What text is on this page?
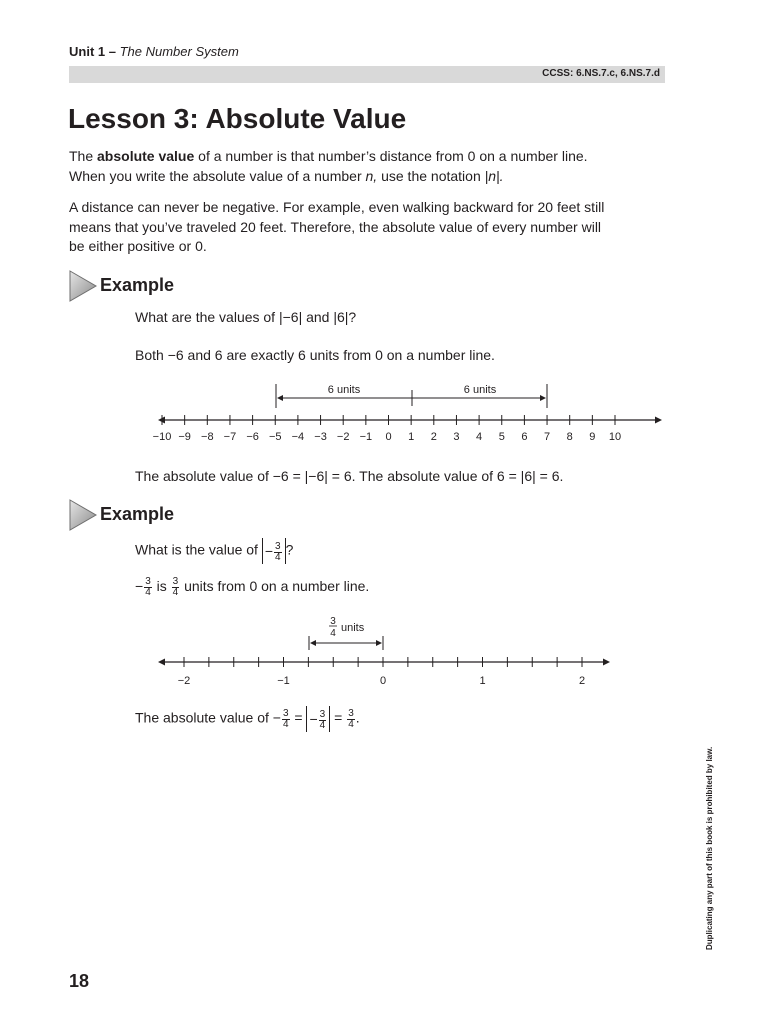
Unit 1 – The Number System
CCSS: 6.NS.7.c, 6.NS.7.d
Lesson 3: Absolute Value
The absolute value of a number is that number’s distance from 0 on a number line.
When you write the absolute value of a number n, use the notation |n|.
A distance can never be negative. For example, even walking backward for 20 feet still
means that you’ve traveled 20 feet. Therefore, the absolute value of every number will
be either positive or 0.
Example
What are the values of |−6| and |6|?
Both −6 and 6 are exactly 6 units from 0 on a number line.
6 units	6 units
−10 −9 −8 −7 −6 −5 −4 −3 −2 −1 0 1 2 3 4 5 6 7 8 9 10
The absolute value of −6 = |−6| = 6. The absolute value of 6 = |6| = 6.
Example
What is the value of − $\frac{3}{4}$ ?
− $\frac{3}{4}$ is $\frac{3}{4}$ units from 0 on a number line.
3
4 units
−2	−1	0	1	2
The absolute value of − $\frac{3}{4}$ = − $\frac{3}{4} = \frac{3}{4}$ .
Duplicating any part of this book is prohibited by law.
18
